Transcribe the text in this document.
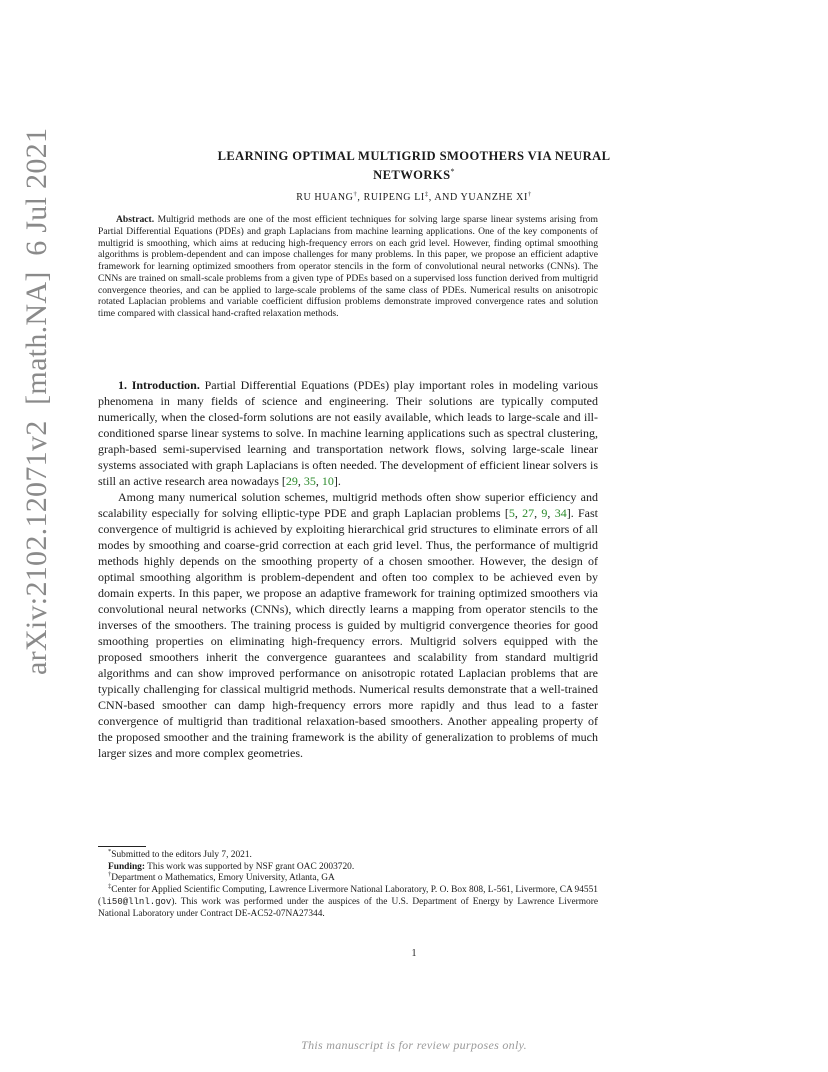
arXiv:2102.12071v2  [math.NA]  6 Jul 2021	LEARNING OPTIMAL MULTIGRID SMOOTHERS VIA NEURAL
NETWORKS*
RU HUANG†, RUIPENG LI‡, AND YUANZHE XI†
Abstract. Multigrid methods are one of the most efficient techniques for solving large sparse linear systems arising from Partial Differential Equations (PDEs) and graph Laplacians from machine learning applications. One of the key components of multigrid is smoothing, which aims at reducing high-frequency errors on each grid level. However, finding optimal smoothing algorithms is problem-dependent and can impose challenges for many problems. In this paper, we propose an efficient adaptive framework for learning optimized smoothers from operator stencils in the form of convolutional neural networks (CNNs). The CNNs are trained on small-scale problems from a given type of PDEs based on a supervised loss function derived from multigrid convergence theories, and can be applied to large-scale problems of the same class of PDEs. Numerical results on anisotropic rotated Laplacian problems and variable coefficient diffusion problems demonstrate improved convergence rates and solution time compared with classical hand-crafted relaxation methods.

1. Introduction. Partial Differential Equations (PDEs) play important roles in modeling various phenomena in many fields of science and engineering. Their solutions are typically computed numerically, when the closed-form solutions are not easily available, which leads to large-scale and ill-conditioned sparse linear systems to solve. In machine learning applications such as spectral clustering, graph-based semi-supervised learning and transportation network flows, solving large-scale linear systems associated with graph Laplacians is often needed. The development of efficient linear solvers is still an active research area nowadays [29, 35, 10].

Among many numerical solution schemes, multigrid methods often show superior efficiency and scalability especially for solving elliptic-type PDE and graph Laplacian problems [5, 27, 9, 34]. Fast convergence of multigrid is achieved by exploiting hierarchical grid structures to eliminate errors of all modes by smoothing and coarse-grid correction at each grid level. Thus, the performance of multigrid methods highly depends on the smoothing property of a chosen smoother. However, the design of optimal smoothing algorithm is problem-dependent and often too complex to be achieved even by domain experts. In this paper, we propose an adaptive framework for training optimized smoothers via convolutional neural networks (CNNs), which directly learns a mapping from operator stencils to the inverses of the smoothers. The training process is guided by multigrid convergence theories for good smoothing properties on eliminating high-frequency errors. Multigrid solvers equipped with the proposed smoothers inherit the convergence guarantees and scalability from standard multigrid algorithms and can show improved performance on anisotropic rotated Laplacian problems that are typically challenging for classical multigrid methods. Numerical results demonstrate that a well-trained CNN-based smoother can damp high-frequency errors more rapidly and thus lead to a faster convergence of multigrid than traditional relaxation-based smoothers. Another appealing property of the proposed smoother and the training framework is the ability of generalization to problems of much larger sizes and more complex geometries.

*Submitted to the editors July 7, 2021.

Funding: This work was supported by NSF grant OAC 2003720.

†Department o Mathematics, Emory University, Atlanta, GA

‡Center for Applied Scientific Computing, Lawrence Livermore National Laboratory, P. O. Box 808, L-561, Livermore, CA 94551 (li50@llnl.gov). This work was performed under the auspices of the U.S. Department of Energy by Lawrence Livermore National Laboratory under Contract DE-AC52-07NA27344.

1
This manuscript is for review purposes only.
